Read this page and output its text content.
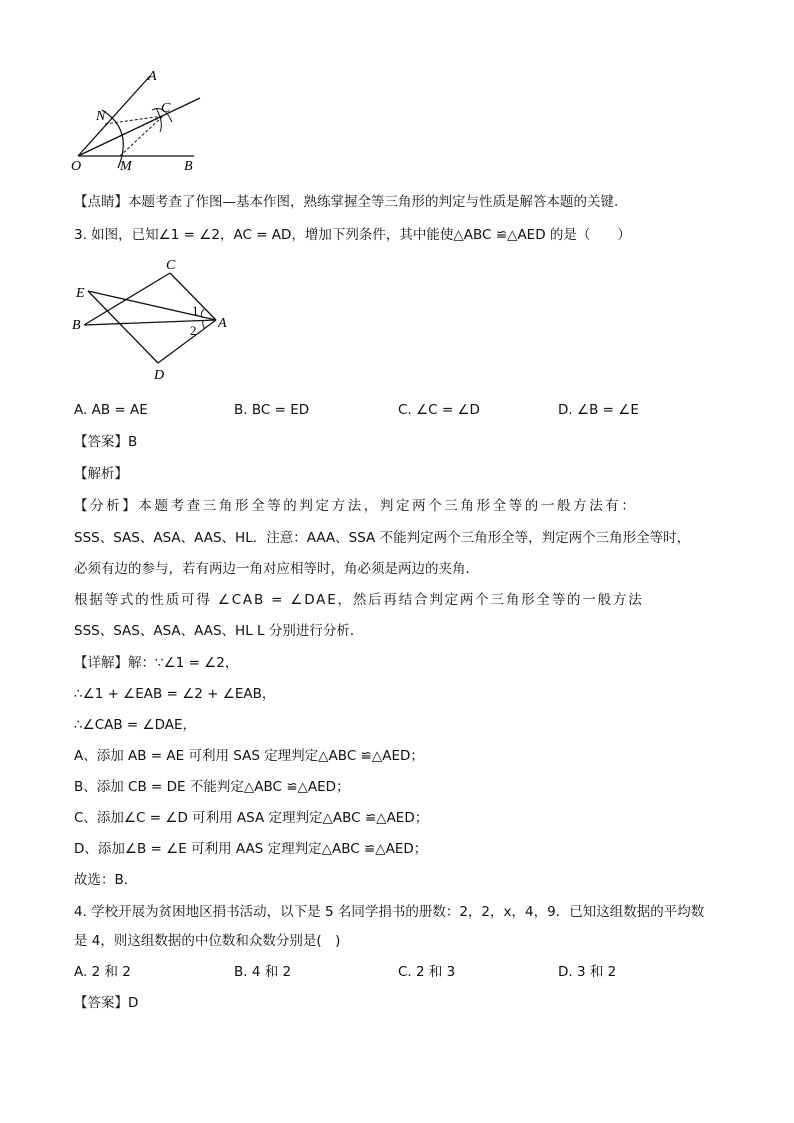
A
N
C
O	M	B
【点睛】本题考查了作图—基本作图，熟练掌握全等三角形的判定与性质是解答本题的关键．
3. 如图，已知∠1 = ∠2，AC = AD，增加下列条件，其中能使△ABC ≌△AED 的是（　　）
C
E
B	A
D
1
2
A. AB = AE	B. BC = ED	C. ∠C = ∠D	D. ∠B = ∠E
【答案】B
【解析】
【分析】本题考查三角形全等的判定方法，判定两个三角形全等的一般方法有：
SSS、SAS、ASA、AAS、HL．注意：AAA、SSA 不能判定两个三角形全等，判定两个三角形全等时，
必须有边的参与，若有两边一角对应相等时，角必须是两边的夹角．
根据等式的性质可得 ∠CAB = ∠DAE，然后再结合判定两个三角形全等的一般方法
SSS、SAS、ASA、AAS、HL L 分别进行分析．
【详解】解：∵∠1 = ∠2，
∴∠1 + ∠EAB = ∠2 + ∠EAB，
∴∠CAB = ∠DAE，
A、添加 AB = AE 可利用 SAS 定理判定△ABC ≌△AED；
B、添加 CB = DE 不能判定△ABC ≌△AED；
C、添加∠C = ∠D 可利用 ASA 定理判定△ABC ≌△AED；
D、添加∠B = ∠E 可利用 AAS 定理判定△ABC ≌△AED；
故选：B．
4. 学校开展为贫困地区捐书活动，以下是 5 名同学捐书的册数：2，2，x，4，9．已知这组数据的平均数
是 4，则这组数据的中位数和众数分别是(　)
A. 2 和 2	B. 4 和 2	C. 2 和 3	D. 3 和 2
【答案】D
